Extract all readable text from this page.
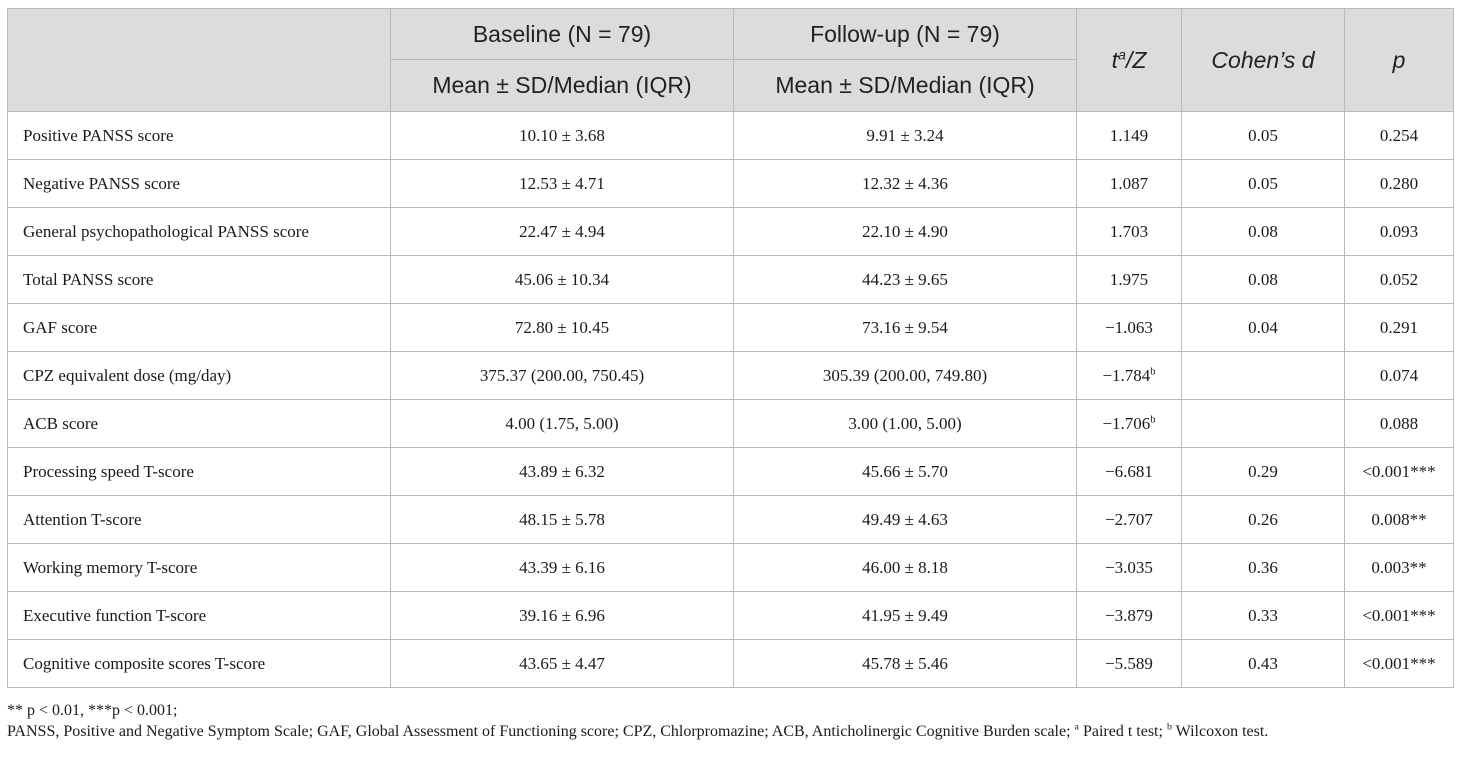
	Baseline (N = 79)	Follow-up (N = 79)	$t^a/Z$	Cohen’s d	p
	Mean ± SD/Median (IQR)	Mean ± SD/Median (IQR)			
Positive PANSS score	10.10 ± 3.68	9.91 ± 3.24	1.149	0.05	0.254
Negative PANSS score	12.53 ± 4.71	12.32 ± 4.36	1.087	0.05	0.280
General psychopathological PANSS score	22.47 ± 4.94	22.10 ± 4.90	1.703	0.08	0.093
Total PANSS score	45.06 ± 10.34	44.23 ± 9.65	1.975	0.08	0.052
GAF score	72.80 ± 10.45	73.16 ± 9.54	−1.063	0.04	0.291
CPZ equivalent dose (mg/day)	375.37 (200.00, 750.45)	305.39 (200.00, 749.80)	−1.784$^b$		0.074
ACB score	4.00 (1.75, 5.00)	3.00 (1.00, 5.00)	−1.706$^b$		0.088
Processing speed T-score	43.89 ± 6.32	45.66 ± 5.70	−6.681	0.29	<0.001***
Attention T-score	48.15 ± 5.78	49.49 ± 4.63	−2.707	0.26	0.008**
Working memory T-score	43.39 ± 6.16	46.00 ± 8.18	−3.035	0.36	0.003**
Executive function T-score	39.16 ± 6.96	41.95 ± 9.49	−3.879	0.33	<0.001***
Cognitive composite scores T-score	43.65 ± 4.47	45.78 ± 5.46	−5.589	0.43	<0.001***

** p < 0.01, ***p < 0.001;

PANSS, Positive and Negative Symptom Scale; GAF, Global Assessment of Functioning score; CPZ, Chlorpromazine; ACB, Anticholinergic Cognitive Burden scale; $^a$ Paired t test; $^b$ Wilcoxon test.
